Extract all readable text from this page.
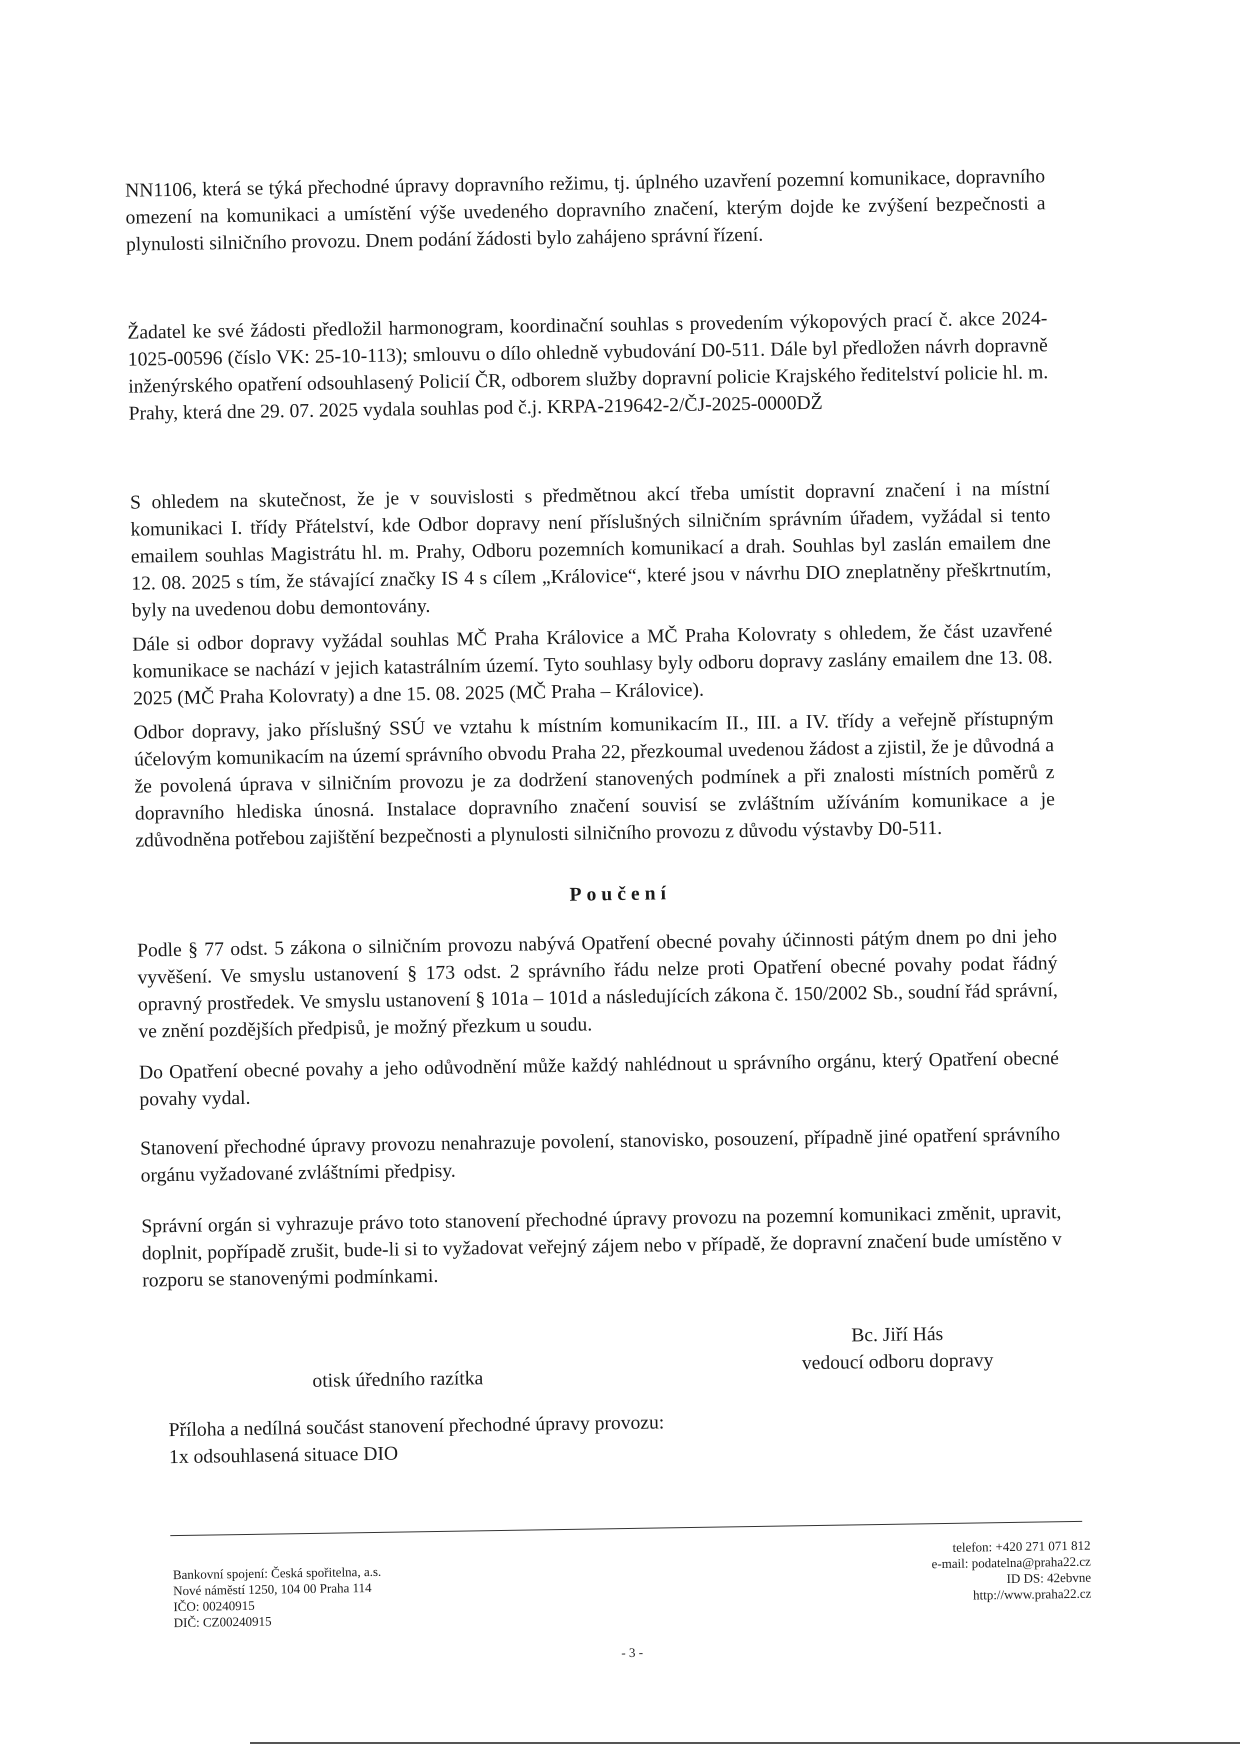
NN1106, která se týká přechodné úpravy dopravního režimu, tj. úplného uzavření pozemní komunikace, dopravního omezení na komunikaci a umístění výše uvedeného dopravního značení, kterým dojde ke zvýšení bezpečnosti a plynulosti silničního provozu. Dnem podání žádosti bylo zahájeno správní řízení.

Žadatel ke své žádosti předložil harmonogram, koordinační souhlas s provedením výkopových prací č. akce 2024-1025-00596 (číslo VK: 25-10-113); smlouvu o dílo ohledně vybudování D0-511. Dále byl předložen návrh dopravně inženýrského opatření odsouhlasený Policií ČR, odborem služby dopravní policie Krajského ředitelství policie hl. m. Prahy, která dne 29. 07. 2025 vydala souhlas pod č.j. KRPA-219642-2/ČJ-2025-0000DŽ

S ohledem na skutečnost, že je v souvislosti s předmětnou akcí třeba umístit dopravní značení i na místní komunikaci I. třídy Přátelství, kde Odbor dopravy není příslušných silničním správním úřadem, vyžádal si tento emailem souhlas Magistrátu hl. m. Prahy, Odboru pozemních komunikací a drah. Souhlas byl zaslán emailem dne 12. 08. 2025 s tím, že stávající značky IS 4 s cílem „Královice“, které jsou v návrhu DIO zneplatněny přeškrtnutím, byly na uvedenou dobu demontovány.

Dále si odbor dopravy vyžádal souhlas MČ Praha Královice a MČ Praha Kolovraty s ohledem, že část uzavřené komunikace se nachází v jejich katastrálním území. Tyto souhlasy byly odboru dopravy zaslány emailem dne 13. 08. 2025 (MČ Praha Kolovraty) a dne 15. 08. 2025 (MČ Praha – Královice).

Odbor dopravy, jako příslušný SSÚ ve vztahu k místním komunikacím II., III. a IV. třídy a veřejně přístupným účelovým komunikacím na území správního obvodu Praha 22, přezkoumal uvedenou žádost a zjistil, že je důvodná a že povolená úprava v silničním provozu je za dodržení stanovených podmínek a při znalosti místních poměrů z dopravního hlediska únosná. Instalace dopravního značení souvisí se zvláštním užíváním komunikace a je zdůvodněna potřebou zajištění bezpečnosti a plynulosti silničního provozu z důvodu výstavby D0-511.

Poučení

Podle § 77 odst. 5 zákona o silničním provozu nabývá Opatření obecné povahy účinnosti pátým dnem po dni jeho vyvěšení. Ve smyslu ustanovení § 173 odst. 2 správního řádu nelze proti Opatření obecné povahy podat řádný opravný prostředek. Ve smyslu ustanovení § 101a – 101d a následujících zákona č. 150/2002 Sb., soudní řád správní, ve znění pozdějších předpisů, je možný přezkum u soudu.

Do Opatření obecné povahy a jeho odůvodnění může každý nahlédnout u správního orgánu, který Opatření obecné povahy vydal.

Stanovení přechodné úpravy provozu nenahrazuje povolení, stanovisko, posouzení, případně jiné opatření správního orgánu vyžadované zvláštními předpisy.

Správní orgán si vyhrazuje právo toto stanovení přechodné úpravy provozu na pozemní komunikaci změnit, upravit, doplnit, popřípadě zrušit, bude-li si to vyžadovat veřejný zájem nebo v případě, že dopravní značení bude umístěno v rozporu se stanovenými podmínkami.

Bc. Jiří Hás
vedoucí odboru dopravy
otisk úředního razítka
Příloha a nedílná součást stanovení přechodné úpravy provozu:
1x odsouhlasená situace DIO
Bankovní spojení: Česká spořitelna, a.s.
Nové náměstí 1250, 104 00 Praha 114
IČO: 00240915
DIČ: CZ00240915
telefon: +420 271 071 812
e-mail: podatelna@praha22.cz
ID DS: 42ebvne
http://www.praha22.cz
- 3 -
